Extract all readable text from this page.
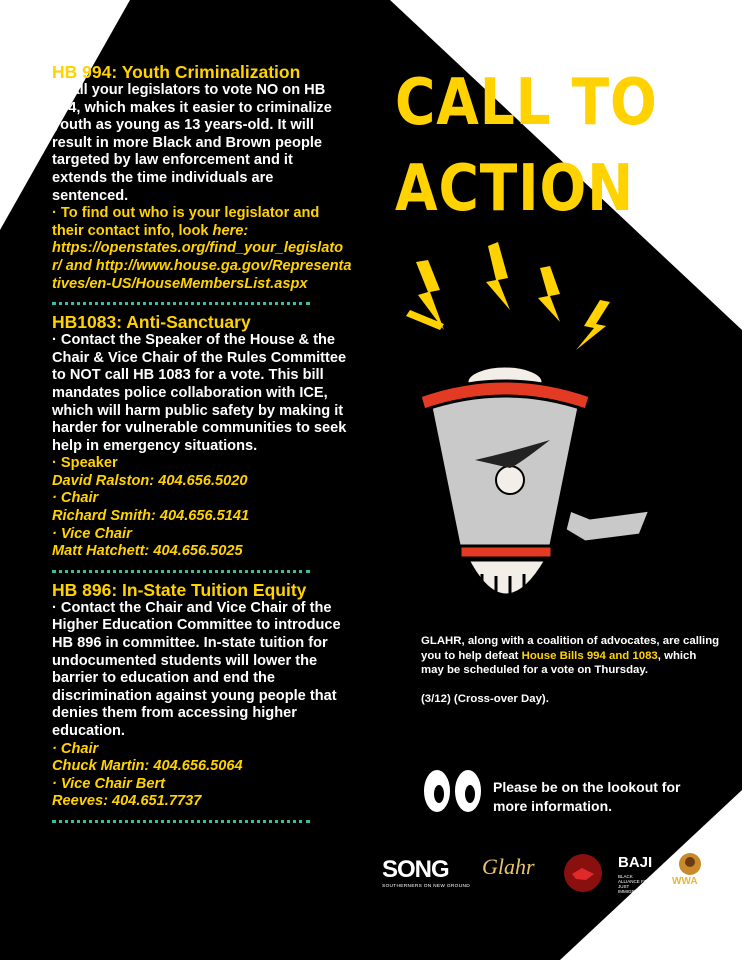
HB 994: Youth Criminalization
· Call your legislators to vote NO on HB 994, which makes it easier to criminalize youth as young as 13 years-old. It will result in more Black and Brown people targeted by law enforcement and it extends the time individuals are sentenced.
· To find out who is your legislator and their contact info, look here:
https://openstates.org/find_your_legislator/ and http://www.house.ga.gov/Representatives/en-US/HouseMembersList.aspx
HB1083: Anti-Sanctuary
· Contact the Speaker of the House & the Chair & Vice Chair of the Rules Committee to NOT call HB 1083 for a vote. This bill mandates police collaboration with ICE, which will harm public safety by making it harder for vulnerable communities to seek help in emergency situations.
· Speaker
David Ralston: 404.656.5020
· Chair
Richard Smith: 404.656.5141
· Vice Chair
Matt Hatchett: 404.656.5025
HB 896: In-State Tuition Equity
· Contact the Chair and Vice Chair of the Higher Education Committee to introduce HB 896 in committee. In-state tuition for undocumented students will lower the barrier to education and end the discrimination against young people that denies them from accessing higher education.
· Chair
Chuck Martin: 404.656.5064
· Vice Chair Bert
Reeves: 404.651.7737
CALL TO
ACTION
GLAHR, along with a coalition of advocates, are calling you to help defeat House Bills 994 and 1083, which may be scheduled for a vote on Thursday.
(3/12) (Cross-over Day).
Please be on the lookout for more information.
SONG
SOUTHERNERS ON NEW GROUND
Glahr	BAJI
BLACK ALLIANCE FOR JUST IMMIGRATION
WWA
